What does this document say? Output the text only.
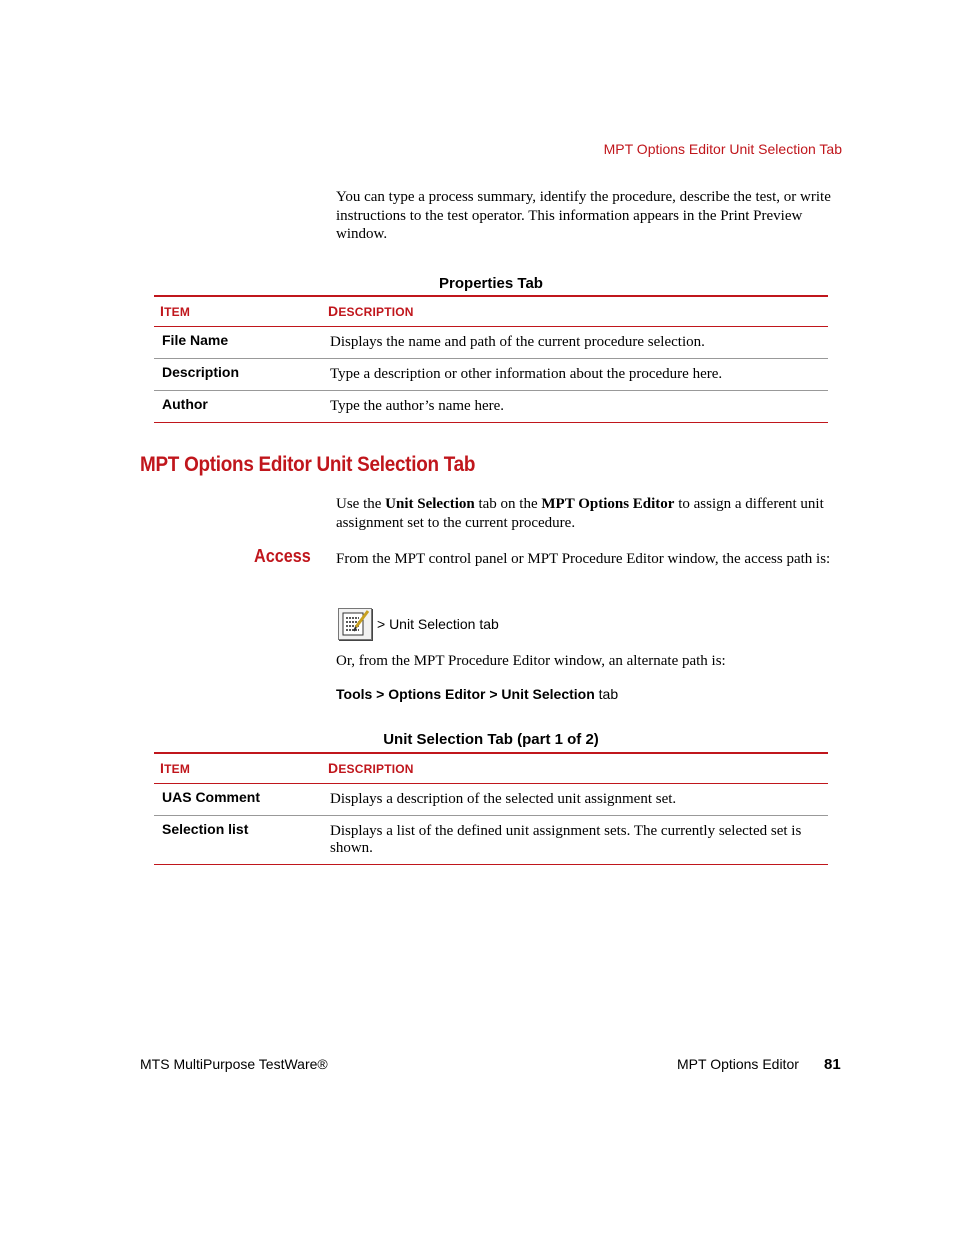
MPT Options Editor Unit Selection Tab
You can type a process summary, identify the procedure, describe the test, or write instructions to the test operator. This information appears in the Print Preview window.
Properties Tab
ITEM	DESCRIPTION
File Name	Displays the name and path of the current procedure selection.
Description	Type a description or other information about the procedure here.
Author	Type the author’s name here.
MPT Options Editor Unit Selection Tab
Use the Unit Selection tab on the MPT Options Editor to assign a different unit assignment set to the current procedure.
Access From the MPT control panel or MPT Procedure Editor window, the access path is:
> Unit Selection tab
Or, from the MPT Procedure Editor window, an alternate path is:
Tools > Options Editor > Unit Selection tab
Unit Selection Tab (part 1 of 2)
ITEM	DESCRIPTION
UAS Comment	Displays a description of the selected unit assignment set.
Selection list	Displays a list of the defined unit assignment sets. The currently selected set is shown.
MTS MultiPurpose TestWare®	MPT Options Editor 81
